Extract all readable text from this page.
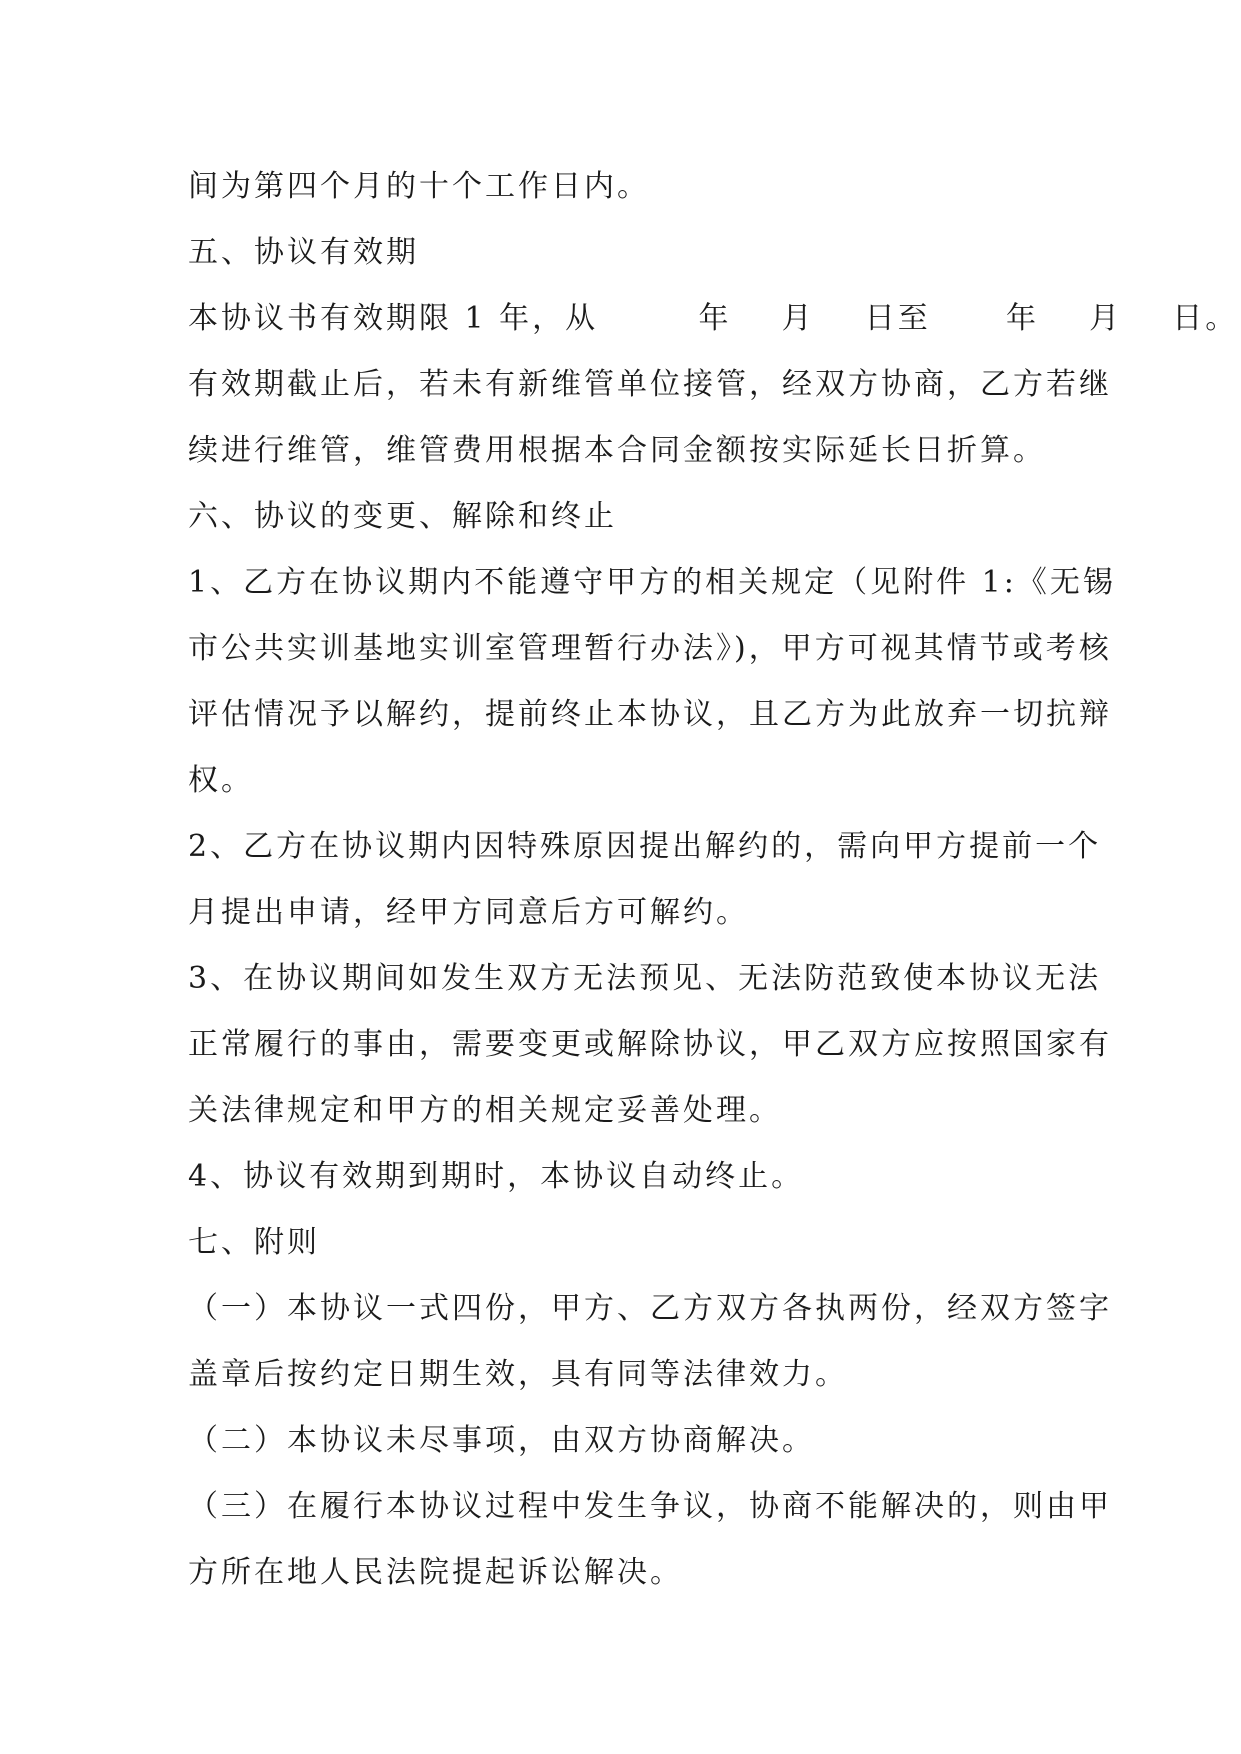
间为第四个月的十个工作日内。
五、协议有效期
本协议书有效期限 1 年，从        年    月    日至      年    月    日。
有效期截止后，若未有新维管单位接管，经双方协商，乙方若继
续进行维管，维管费用根据本合同金额按实际延长日折算。
六、协议的变更、解除和终止
1、乙方在协议期内不能遵守甲方的相关规定（见附件 1:《无锡
市公共实训基地实训室管理暂行办法》)，甲方可视其情节或考核
评估情况予以解约，提前终止本协议，且乙方为此放弃一切抗辩
权。
2、乙方在协议期内因特殊原因提出解约的，需向甲方提前一个
月提出申请，经甲方同意后方可解约。
3、在协议期间如发生双方无法预见、无法防范致使本协议无法
正常履行的事由，需要变更或解除协议，甲乙双方应按照国家有
关法律规定和甲方的相关规定妥善处理。
4、协议有效期到期时，本协议自动终止。
七、附则
（一）本协议一式四份，甲方、乙方双方各执两份，经双方签字
盖章后按约定日期生效，具有同等法律效力。
（二）本协议未尽事项，由双方协商解决。
（三）在履行本协议过程中发生争议，协商不能解决的，则由甲
方所在地人民法院提起诉讼解决。
